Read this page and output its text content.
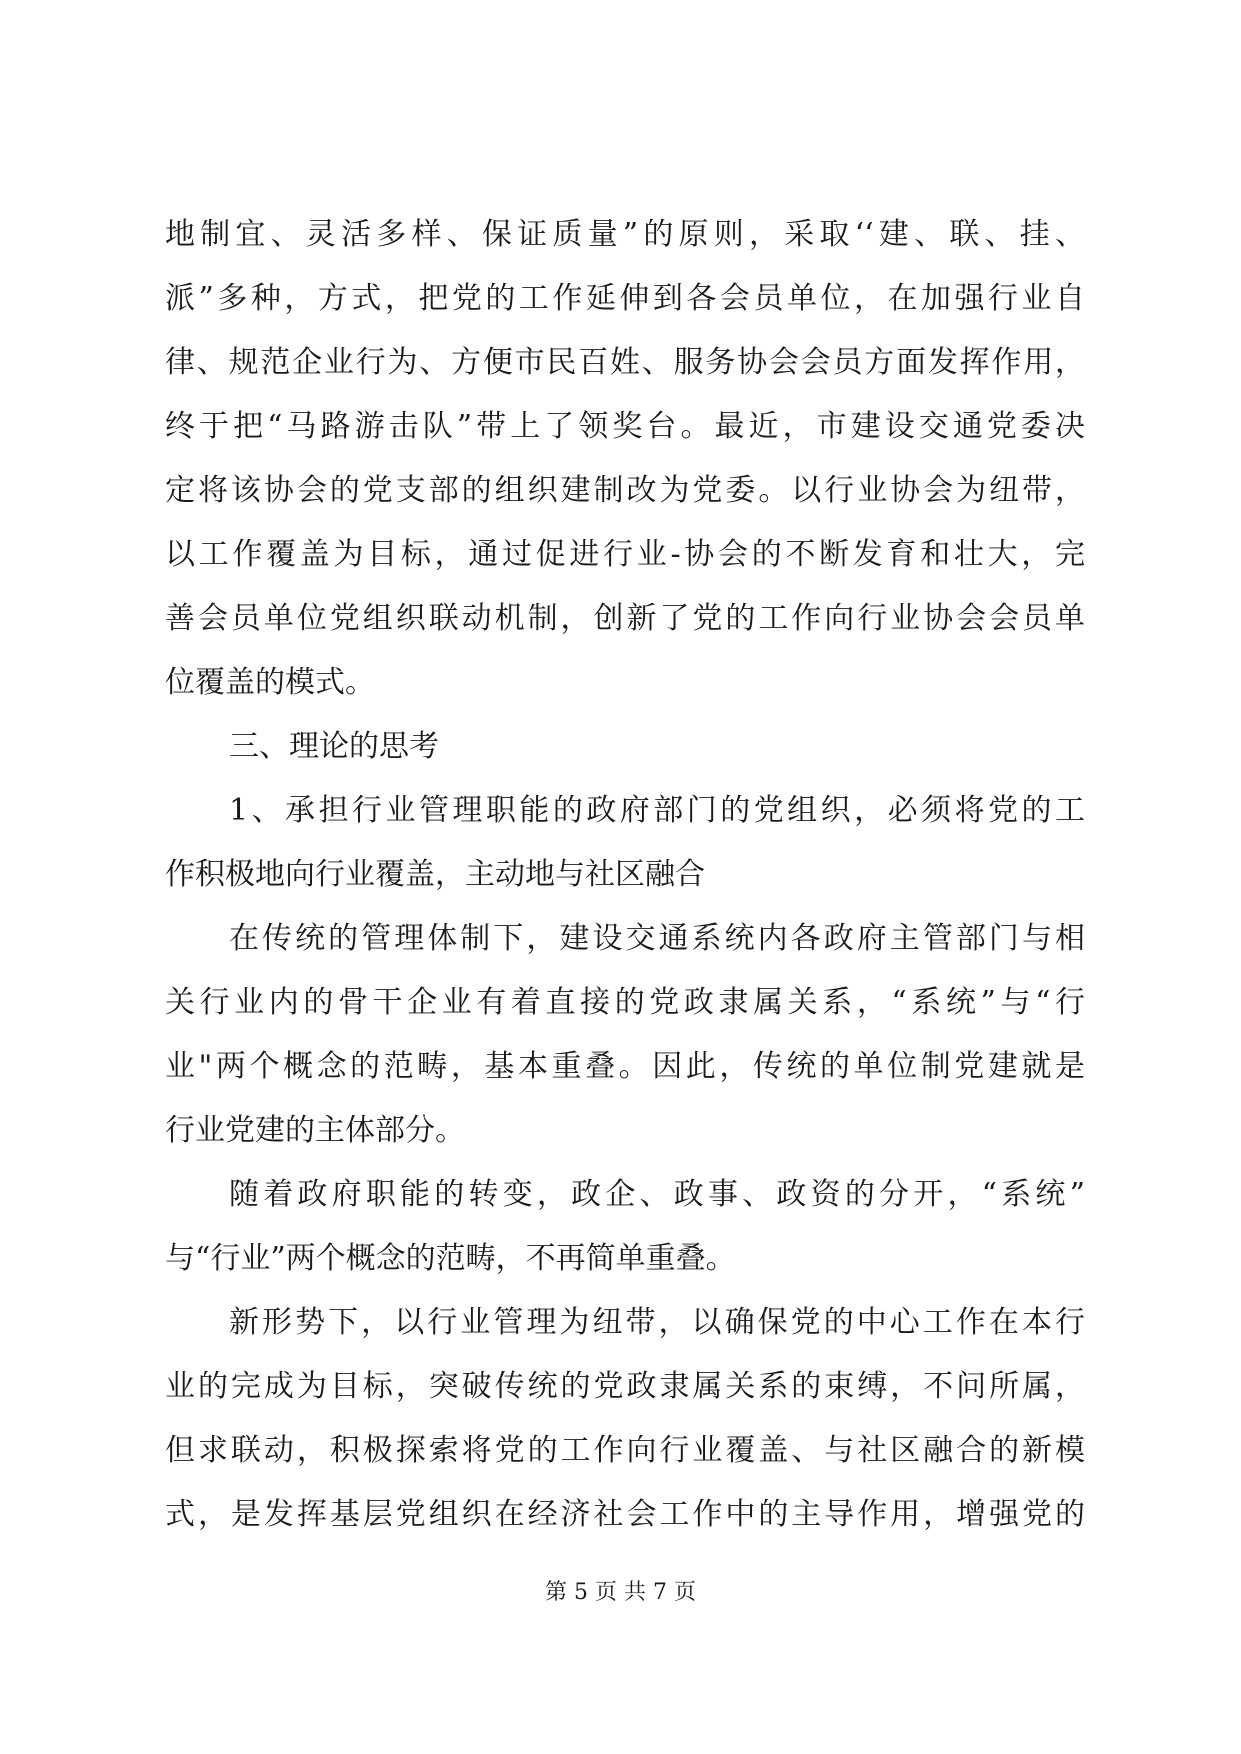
地制宜、灵活多样、保证质量”的原则，采取‘‘建、联、挂、
派”多种，方式，把党的工作延伸到各会员单位，在加强行业自
律、规范企业行为、方便市民百姓、服务协会会员方面发挥作用，
终于把“马路游击队”带上了领奖台。最近，市建设交通党委决
定将该协会的党支部的组织建制改为党委。以行业协会为纽带，
以工作覆盖为目标，通过促进行业-协会的不断发育和壮大，完
善会员单位党组织联动机制，创新了党的工作向行业协会会员单
位覆盖的模式。
三、理论的思考
1、承担行业管理职能的政府部门的党组织，必须将党的工
作积极地向行业覆盖，主动地与社区融合
在传统的管理体制下，建设交通系统内各政府主管部门与相
关行业内的骨干企业有着直接的党政隶属关系，“系统”与“行
业"两个概念的范畴，基本重叠。因此，传统的单位制党建就是
行业党建的主体部分。
随着政府职能的转变，政企、政事、政资的分开，“系统”
与“行业”两个概念的范畴，不再简单重叠。
新形势下，以行业管理为纽带，以确保党的中心工作在本行
业的完成为目标，突破传统的党政隶属关系的束缚，不问所属，
但求联动，积极探索将党的工作向行业覆盖、与社区融合的新模
式，是发挥基层党组织在经济社会工作中的主导作用，增强党的
第 5 页 共 7 页
